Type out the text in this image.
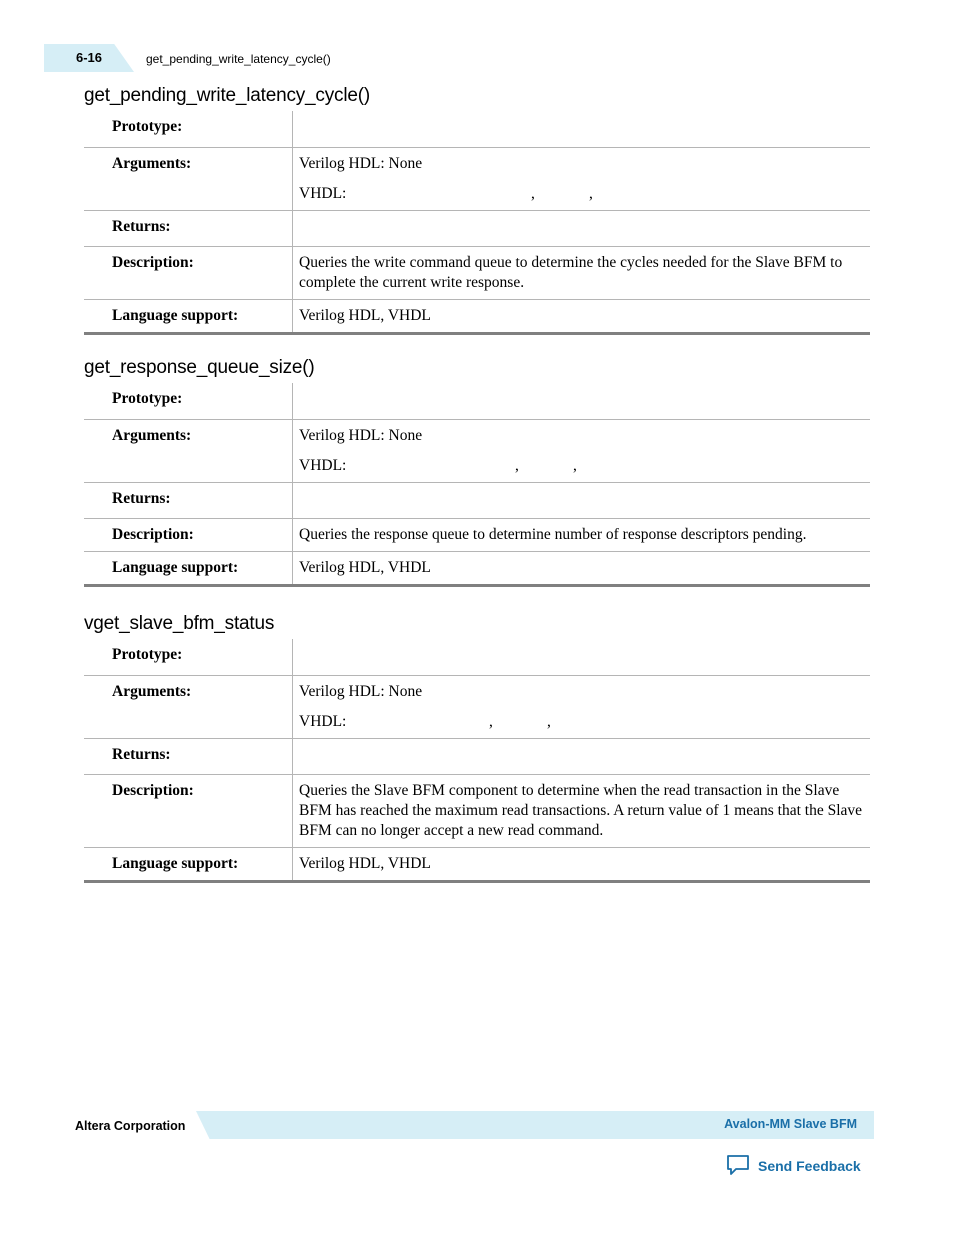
6-16	get_pending_write_latency_cycle()
get_pending_write_latency_cycle()
Prototype:	
Arguments:	Verilog HDL: None
VHDL: , ,

Returns:	
Description:	Queries the write command queue to determine the cycles needed for the Slave BFM to complete the current write response.
Language support:	Verilog HDL, VHDL
get_response_queue_size()
Prototype:	
Arguments:	Verilog HDL: None
VHDL: , ,

Returns:	
Description:	Queries the response queue to determine number of response descriptors pending.
Language support:	Verilog HDL, VHDL
vget_slave_bfm_status
Prototype:	
Arguments:	Verilog HDL: None
VHDL: , ,

Returns:	
Description:	Queries the Slave BFM component to determine when the read transaction in the Slave BFM has reached the maximum read transactions. A return value of 1 means that the Slave BFM can no longer accept a new read command.
Language support:	Verilog HDL, VHDL
Altera Corporation	Avalon-MM Slave BFM
Send Feedback
